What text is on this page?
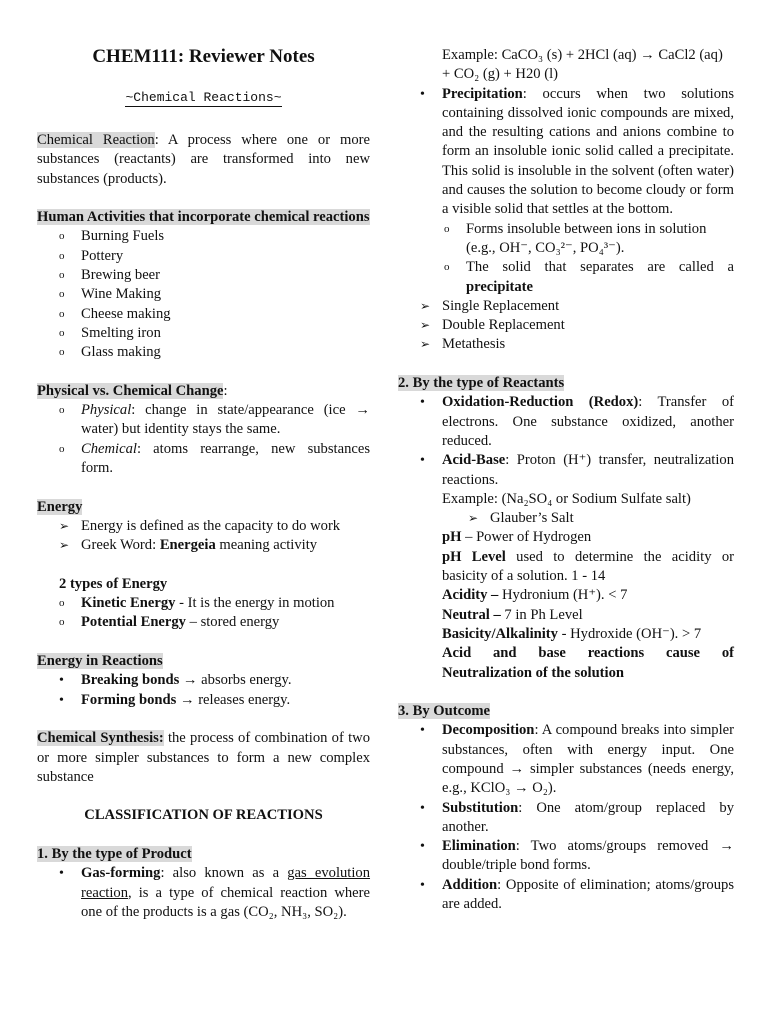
CHEM111: Reviewer Notes
~Chemical Reactions~

Chemical Reaction: A process where one or more substances (reactants) are transformed into new substances (products).

Human Activities that incorporate chemical reactions

o Burning Fuels
o Pottery
o Brewing beer
o Wine Making
o Cheese making
o Smelting iron
o Glass making

Physical vs. Chemical Change:

o Physical: change in state/appearance (ice → water) but identity stays the same.
o Chemical: atoms rearrange, new substances form.

Energy

➢ Energy is defined as the capacity to do work
➢ Greek Word: Energeia meaning activity

2 types of Energy

o Kinetic Energy - It is the energy in motion
o Potential Energy – stored energy

Energy in Reactions

• Breaking bonds → absorbs energy.
• Forming bonds → releases energy.

Chemical Synthesis: the process of combination of two or more simpler substances to form a new complex substance

CLASSIFICATION OF REACTIONS

1. By the type of Product

• Gas-forming: also known as a gas evolution reaction, is a type of chemical reaction where one of the products is a gas (CO₂, NH₃, SO₂).

Example: CaCO₃ (s) + 2HCl (aq) → CaCl2 (aq) + CO₂ (g) + H20 (l)

• Precipitation: occurs when two solutions containing dissolved ionic compounds are mixed, and the resulting cations and anions combine to form an insoluble ionic solid called a precipitate. This solid is insoluble in the solvent (often water) and causes the solution to become cloudy or form a visible solid that settles at the bottom.
o Forms insoluble between ions in solution (e.g., OH⁻, CO₃²⁻, PO₄³⁻).
o The solid that separates are called a precipitate
➢ Single Replacement
➢ Double Replacement
➢ Metathesis

2. By the type of Reactants

• Oxidation-Reduction (Redox): Transfer of electrons. One substance oxidized, another reduced.
• Acid-Base: Proton (H⁺) transfer, neutralization reactions.

Example: (Na₂SO₄ or Sodium Sulfate salt)

➢ Glauber’s Salt

pH – Power of Hydrogen

pH Level used to determine the acidity or basicity of a solution. 1 - 14

Acidity – Hydronium (H⁺). < 7

Neutral – 7 in Ph Level

Basicity/Alkalinity - Hydroxide (OH⁻). > 7

Acid and base reactions cause of Neutralization of the solution

3. By Outcome

• Decomposition: A compound breaks into simpler substances, often with energy input. One compound → simpler substances (needs energy, e.g., KClO₃ → O₂).
• Substitution: One atom/group replaced by another.
• Elimination: Two atoms/groups removed → double/triple bond forms.
• Addition: Opposite of elimination; atoms/groups are added.
